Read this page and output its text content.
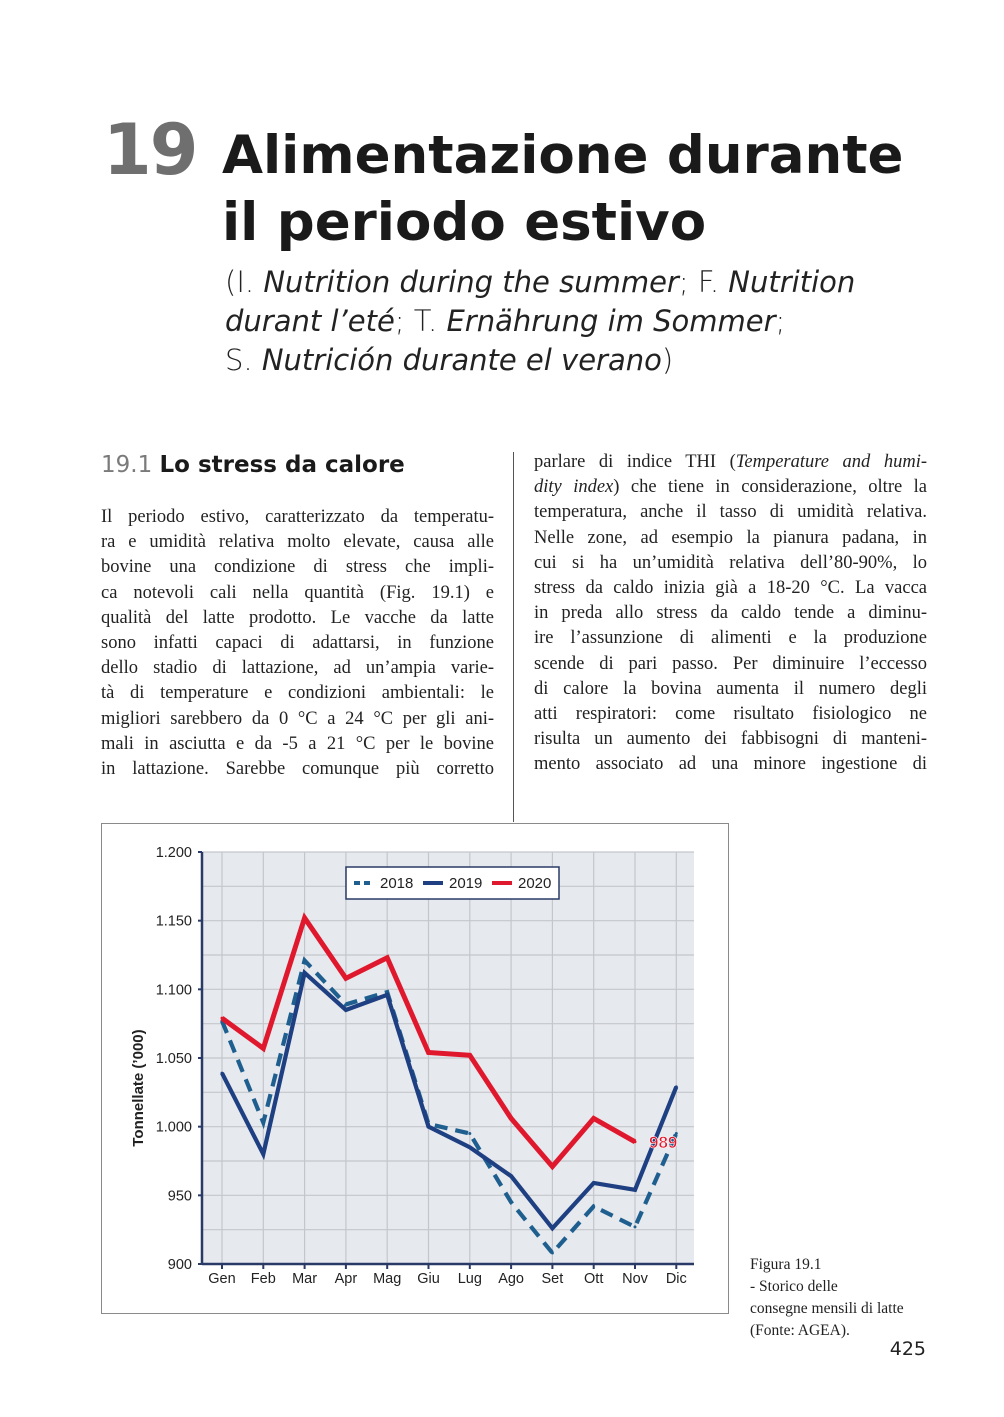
19 Alimentazione durante
il periodo estivo
(I. Nutrition during the summer; F. Nutrition
durant l’eté; T. Ernährung im Sommer;
S. Nutrición durante el verano)
19.1 Lo stress da calore
Il periodo estivo, caratterizzato da temperatu-
ra e umidità relativa molto elevate, causa alle
bovine una condizione di stress che impli-
ca notevoli cali nella quantità (Fig. 19.1) e
qualità del latte prodotto. Le vacche da latte
sono infatti capaci di adattarsi, in funzione
dello stadio di lattazione, ad un’ampia varie-
tà di temperature e condizioni ambientali: le
migliori sarebbero da 0 °C a 24 °C per gli ani-
mali in asciutta e da -5 a 21 °C per le bovine
in lattazione. Sarebbe comunque più corretto
parlare di indice THI (Temperature and humi-
dity index) che tiene in considerazione, oltre la
temperatura, anche il tasso di umidità relativa.
Nelle zone, ad esempio la pianura padana, in
cui si ha un’umidità relativa dell’80-90%, lo
stress da caldo inizia già a 18-20 °C. La vacca
in preda allo stress da caldo tende a diminu-
ire l’assunzione di alimenti e la produzione
scende di pari passo. Per diminuire l’eccesso
di calore la bovina aumenta il numero degli
atti respiratori: come risultato fisiologico ne
risulta un aumento dei fabbisogni di manteni-
mento associato ad una minore ingestione di
900
950
1.000
1.050
1.100
1.150
1.200
Gen Feb Mar Apr Mag Giu Lug Ago Set Ott Nov Dic
Tonnellate (’000)	989
2018 2019 2020
Figura 19.1
- Storico delle
consegne mensili di latte
(Fonte: AGEA).
425
